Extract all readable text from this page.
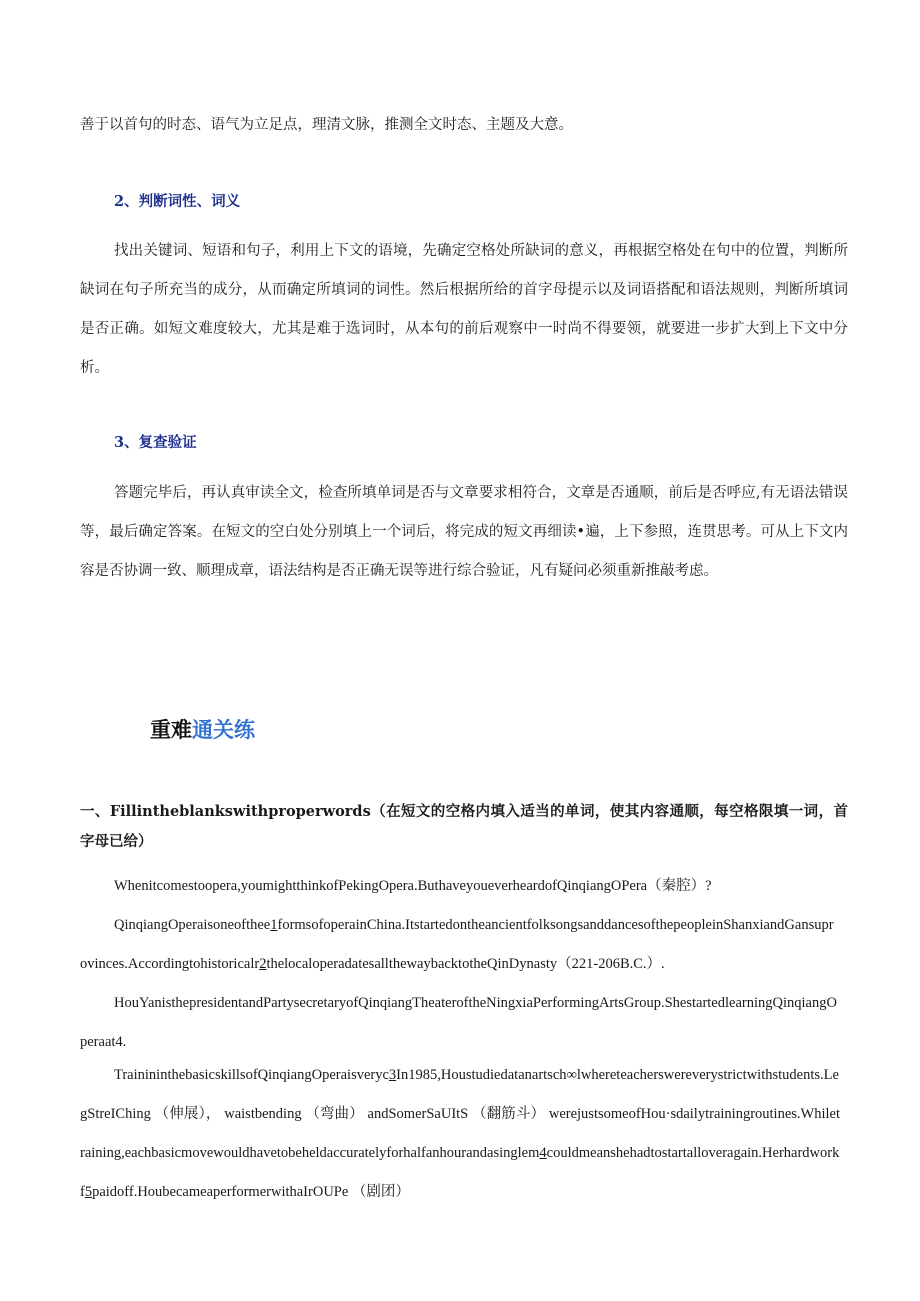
善于以首句的时态、语气为立足点，理清文脉，推测全文时态、主题及大意。

2、判断词性、词义

找出关键词、短语和句子，利用上下文的语境，先确定空格处所缺词的意义，再根据空格处在句中的位置，判断所缺词在句子所充当的成分，从而确定所填词的词性。然后根据所给的首字母提示以及词语搭配和语法规则，判断所填词是否正确。如短文难度较大，尤其是难于选词时，从本句的前后观察中一时尚不得要领，就要进一步扩大到上下文中分析。

3、复查验证

答题完毕后，再认真审读全文，检查所填单词是否与文章要求相符合，文章是否通顺，前后是否呼应,有无语法错误等，最后确定答案。在短文的空白处分别填上一个词后，将完成的短文再细读•遍，上下参照，连贯思考。可从上下文内容是否协调一致、顺理成章，语法结构是否正确无误等进行综合验证，凡有疑问必须重新推敲考虑。

重难通关练

一、Fillintheblankswithproperwords（在短文的空格内填入适当的单词，使其内容通顺，每空格限填一词，首字母已给）

Whenitcomestoopera,youmightthinkofPekingOpera.ButhaveyoueverheardofQinqiangOPera（秦腔）?

QinqiangOperaisoneofthee1formsofoperainChina.ItstartedontheancientfolksongsanddancesofthepeopleinShanxiandGansuprovinces.Accordingtohistoricalr2thelocaloperadatesallthewaybacktotheQinDynasty（221-206B.C.）.

HouYanisthepresidentandPartysecretaryofQinqiangTheateroftheNingxiaPerformingArtsGroup.ShestartedlearningQinqiangOperaat4.

TrainininthebasicskillsofQinqiangOperaisveryc3In1985,Houstudiedatanartsch∞lwhereteacherswereverystrictwithstudents.LegStreIChing （伸展）， waistbending （弯曲） andSomerSaUItS （翻筋斗） werejustsomeofHou·sdailytrainingroutines.Whiletraining,eachbasicmovewouldhavetobeheldaccuratelyforhalfanhourandasinglem4couldmeanshehadtostartalloveragain.Herhardworkf5paidoff.HoubecameaperformerwithaIrOUPe （剧团）
